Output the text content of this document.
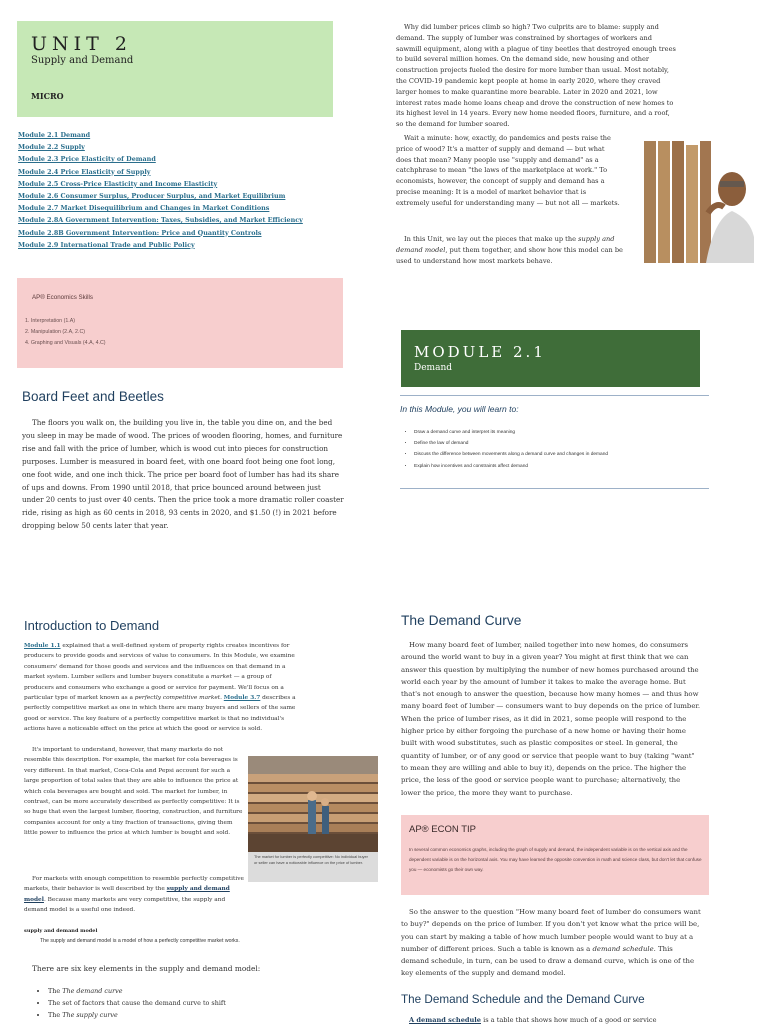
UNIT 2
Supply and Demand
MICRO
Module 2.1 Demand
Module 2.2 Supply
Module 2.3 Price Elasticity of Demand
Module 2.4 Price Elasticity of Supply
Module 2.5 Cross-Price Elasticity and Income Elasticity
Module 2.6 Consumer Surplus, Producer Surplus, and Market Equilibrium
Module 2.7 Market Disequilibrium and Changes in Market Conditions
Module 2.8A Government Intervention: Taxes, Subsidies, and Market Efficiency
Module 2.8B Government Intervention: Price and Quantity Controls
Module 2.9 International Trade and Public Policy
AP® Economics Skills
1. Interpretation (1.A)
2. Manipulation (2.A, 2.C)
4. Graphing and Visuals (4.A, 4.C)
Board Feet and Beetles
The floors you walk on, the building you live in, the table you dine on, and the bed you sleep in may be made of wood. The prices of wooden flooring, homes, and furniture rise and fall with the price of lumber, which is wood cut into pieces for construction purposes. Lumber is measured in board feet, with one board foot being one foot long, one foot wide, and one inch thick. The price per board foot of lumber has had its share of ups and downs. From 1990 until 2018, that price bounced around between just under 20 cents to just over 40 cents. Then the price took a more dramatic roller coaster ride, rising as high as 60 cents in 2018, 93 cents in 2020, and $1.50 (!) in 2021 before dropping below 50 cents later that year.
Why did lumber prices climb so high? Two culprits are to blame: supply and demand. The supply of lumber was constrained by shortages of workers and sawmill equipment, along with a plague of tiny beetles that destroyed enough trees to build several million homes. On the demand side, new housing and other construction projects fueled the desire for more lumber than usual. Most notably, the COVID-19 pandemic kept people at home in early 2020, where they craved larger homes to make quarantine more bearable. Later in 2020 and 2021, low interest rates made home loans cheap and drove the construction of new homes to its highest level in 14 years. Every new home needed floors, furniture, and a roof, so the demand for lumber soared.
Wait a minute: how, exactly, do pandemics and pests raise the price of wood? It's a matter of supply and demand — but what does that mean? Many people use "supply and demand" as a catchphrase to mean "the laws of the marketplace at work." To economists, however, the concept of supply and demand has a precise meaning: It is a model of market behavior that is extremely useful for understanding many — but not all — markets.
In this Unit, we lay out the pieces that make up the supply and demand model, put them together, and show how this model can be used to understand how most markets behave.
MODULE 2.1
Demand
In this Module, you will learn to:
• Draw a demand curve and interpret its meaning
• Define the law of demand
• Discuss the difference between movements along a demand curve and changes in demand
• Explain how incentives and constraints affect demand
Introduction to Demand
Module 1.1 explained that a well-defined system of property rights creates incentives for producers to provide goods and services of value to consumers. In this Module, we examine consumers' demand for those goods and services and the influences on that demand in a market system. Lumber sellers and lumber buyers constitute a market — a group of producers and consumers who exchange a good or service for payment. We'll focus on a particular type of market known as a perfectly competitive market. Module 3.7 describes a perfectly competitive market as one in which there are many buyers and sellers of the same good or service. The key feature of a perfectly competitive market is that no individual's actions have a noticeable effect on the price at which the good or service is sold.
It's important to understand, however, that many markets do not resemble this description. For example, the market for cola beverages is very different. In that market, Coca-Cola and Pepsi account for such a large proportion of total sales that they are able to influence the price at which cola beverages are bought and sold. The market for lumber, in contrast, can be more accurately described as perfectly competitive: It is so huge that even the largest lumber, flooring, construction, and furniture companies account for only a tiny fraction of transactions, giving them little power to influence the price at which lumber is bought and sold.
For markets with enough competition to resemble perfectly competitive markets, their behavior is well described by the supply and demand model. Because many markets are very competitive, the supply and demand model is a useful one indeed.
The market for lumber is perfectly competitive: No individual buyer or seller can have a noticeable influence on the price of lumber.
supply and demand model
The supply and demand model is a model of how a perfectly competitive market works.
There are six key elements in the supply and demand model:
• The The demand curve
• The set of factors that cause the demand curve to shift
• The The supply curve
The Demand Curve
How many board feet of lumber, nailed together into new homes, do consumers around the world want to buy in a given year? You might at first think that we can answer this question by multiplying the number of new homes purchased around the world each year by the amount of lumber it takes to make the average home. But that's not enough to answer the question, because how many homes — and thus how many board feet of lumber — consumers want to buy depends on the price of lumber. When the price of lumber rises, as it did in 2021, some people will respond to the higher price by either forgoing the purchase of a new home or having their home built with wood substitutes, such as plastic composites or steel. In general, the quantity of lumber, or of any good or service that people want to buy (taking "want" to mean they are willing and able to buy it), depends on the price. The higher the price, the less of the good or service people want to purchase; alternatively, the lower the price, the more they want to purchase.
AP® ECON TIP
In several common economics graphs, including the graph of supply and demand, the independent variable is on the vertical axis and the dependent variable is on the horizontal axis. You may have learned the opposite convention in math and science class, but don't let that confuse you — economists go their own way.
So the answer to the question "How many board feet of lumber do consumers want to buy?" depends on the price of lumber. If you don't yet know what the price will be, you can start by making a table of how much lumber people would want to buy at a number of different prices. Such a table is known as a demand schedule. This demand schedule, in turn, can be used to draw a demand curve, which is one of the key elements of the supply and demand model.
The Demand Schedule and the Demand Curve
A demand schedule is a table that shows how much of a good or service
